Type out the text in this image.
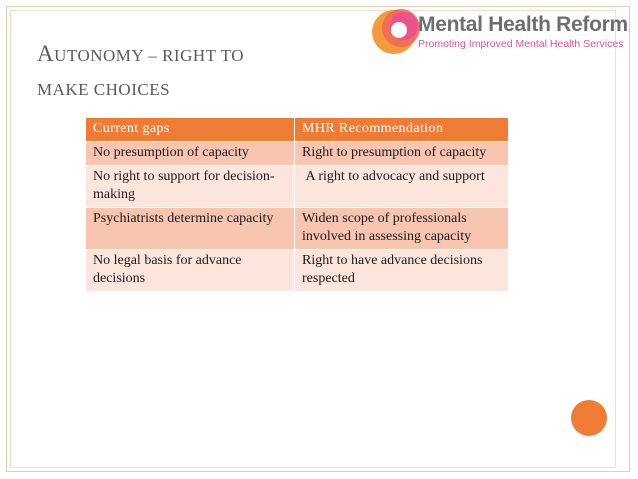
AUTONOMY – RIGHT TO
MAKE CHOICES
Mental Health Reform
Promoting Improved Mental Health Services
Current gaps	MHR Recommendation
No presumption of capacity	Right to presumption of capacity
No right to support for decision-making	A right to advocacy and support
Psychiatrists determine capacity	Widen scope of professionals involved in assessing capacity
No legal basis for advance decisions	Right to have advance decisions respected
